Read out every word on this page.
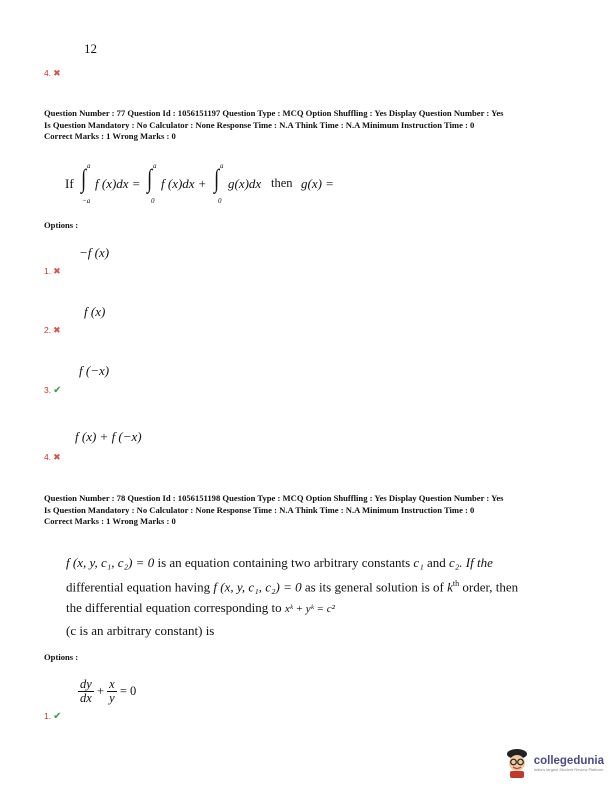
12
4. ✖
Question Number : 77 Question Id : 1056151197 Question Type : MCQ Option Shuffling : Yes Display Question Number : Yes
Is Question Mandatory : No Calculator : None Response Time : N.A Think Time : N.A Minimum Instruction Time : 0
Correct Marks : 1 Wrong Marks : 0
If ∫ a
−a
f (x)dx = ∫ a
0
f (x)dx + ∫ a
0
g(x)dx then g(x) =
Options :
−f (x)
1. ✖
f (x)
2. ✖
f (−x)
3. ✔
f (x) + f (−x)
4. ✖
Question Number : 78 Question Id : 1056151198 Question Type : MCQ Option Shuffling : Yes Display Question Number : Yes
Is Question Mandatory : No Calculator : None Response Time : N.A Think Time : N.A Minimum Instruction Time : 0
Correct Marks : 1 Wrong Marks : 0
f (x, y, c₁, c₂) = 0 is an equation containing two arbitrary constants c₁ and c₂. If the
differential equation having f (x, y, c₁, c₂) = 0 as its general solution is of $k^{th}$ order, then
the differential equation corresponding to xᵏ + yᵏ = c²
(c is an arbitrary constant) is
Options :
$\frac{dy}{dx} + \frac{x}{y} = 0$
1. ✔
collegedunia
India's largest Student Review Platform
